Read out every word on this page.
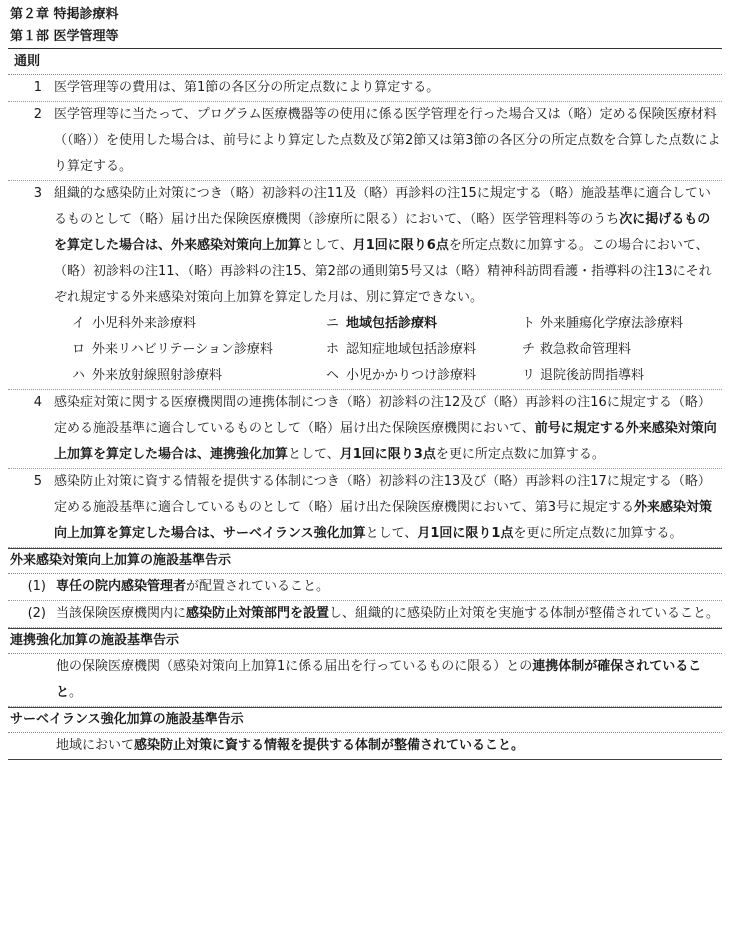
第２章 特掲診療料
第１部 医学管理等
通則
1 医学管理等の費用は、第1節の各区分の所定点数により算定する。
2 医学管理等に当たって、プログラム医療機器等の使用に係る医学管理を行った場合又は（略）定める保険医療材料（（略））を使用した場合は、前号により算定した点数及び第2節又は第3節の各区分の所定点数を合算した点数により算定する。
3 組織的な感染防止対策につき（略）初診料の注11及（略）再診料の注15に規定する（略）施設基準に適合しているものとして（略）届け出た保険医療機関（診療所に限る）において、（略）医学管理料等のうち次に掲げるものを算定した場合は、外来感染対策向上加算として、月1回に限り6点を所定点数に加算する。この場合において、（略）初診料の注11、（略）再診料の注15、第2部の通則第5号又は（略）精神科訪問看護・指導料の注13にそれぞれ規定する外来感染対策向上加算を算定した月は、別に算定できない。
イ 小児科外来診療料	ニ 地域包括診療料	ト 外来腫瘍化学療法診療料
ロ 外来リハビリテーション診療料	ホ 認知症地域包括診療料	チ 救急救命管理料
ハ 外来放射線照射診療料	ヘ 小児かかりつけ診療料	リ 退院後訪問指導料
4 感染症対策に関する医療機関間の連携体制につき（略）初診料の注12及び（略）再診料の注16に規定する（略）定める施設基準に適合しているものとして（略）届け出た保険医療機関において、前号に規定する外来感染対策向上加算を算定した場合は、連携強化加算として、月1回に限り3点を更に所定点数に加算する。
5 感染防止対策に資する情報を提供する体制につき（略）初診料の注13及び（略）再診料の注17に規定する（略）定める施設基準に適合しているものとして（略）届け出た保険医療機関において、第3号に規定する外来感染対策向上加算を算定した場合は、サーベイランス強化加算として、月1回に限り1点を更に所定点数に加算する。
外来感染対策向上加算の施設基準告示
(1) 専任の院内感染管理者が配置されていること。
(2) 当該保険医療機関内に感染防止対策部門を設置し、組織的に感染防止対策を実施する体制が整備されていること。
連携強化加算の施設基準告示
他の保険医療機関（感染対策向上加算1に係る届出を行っているものに限る）との連携体制が確保されていること。
サーベイランス強化加算の施設基準告示
地域において感染防止対策に資する情報を提供する体制が整備されていること。
